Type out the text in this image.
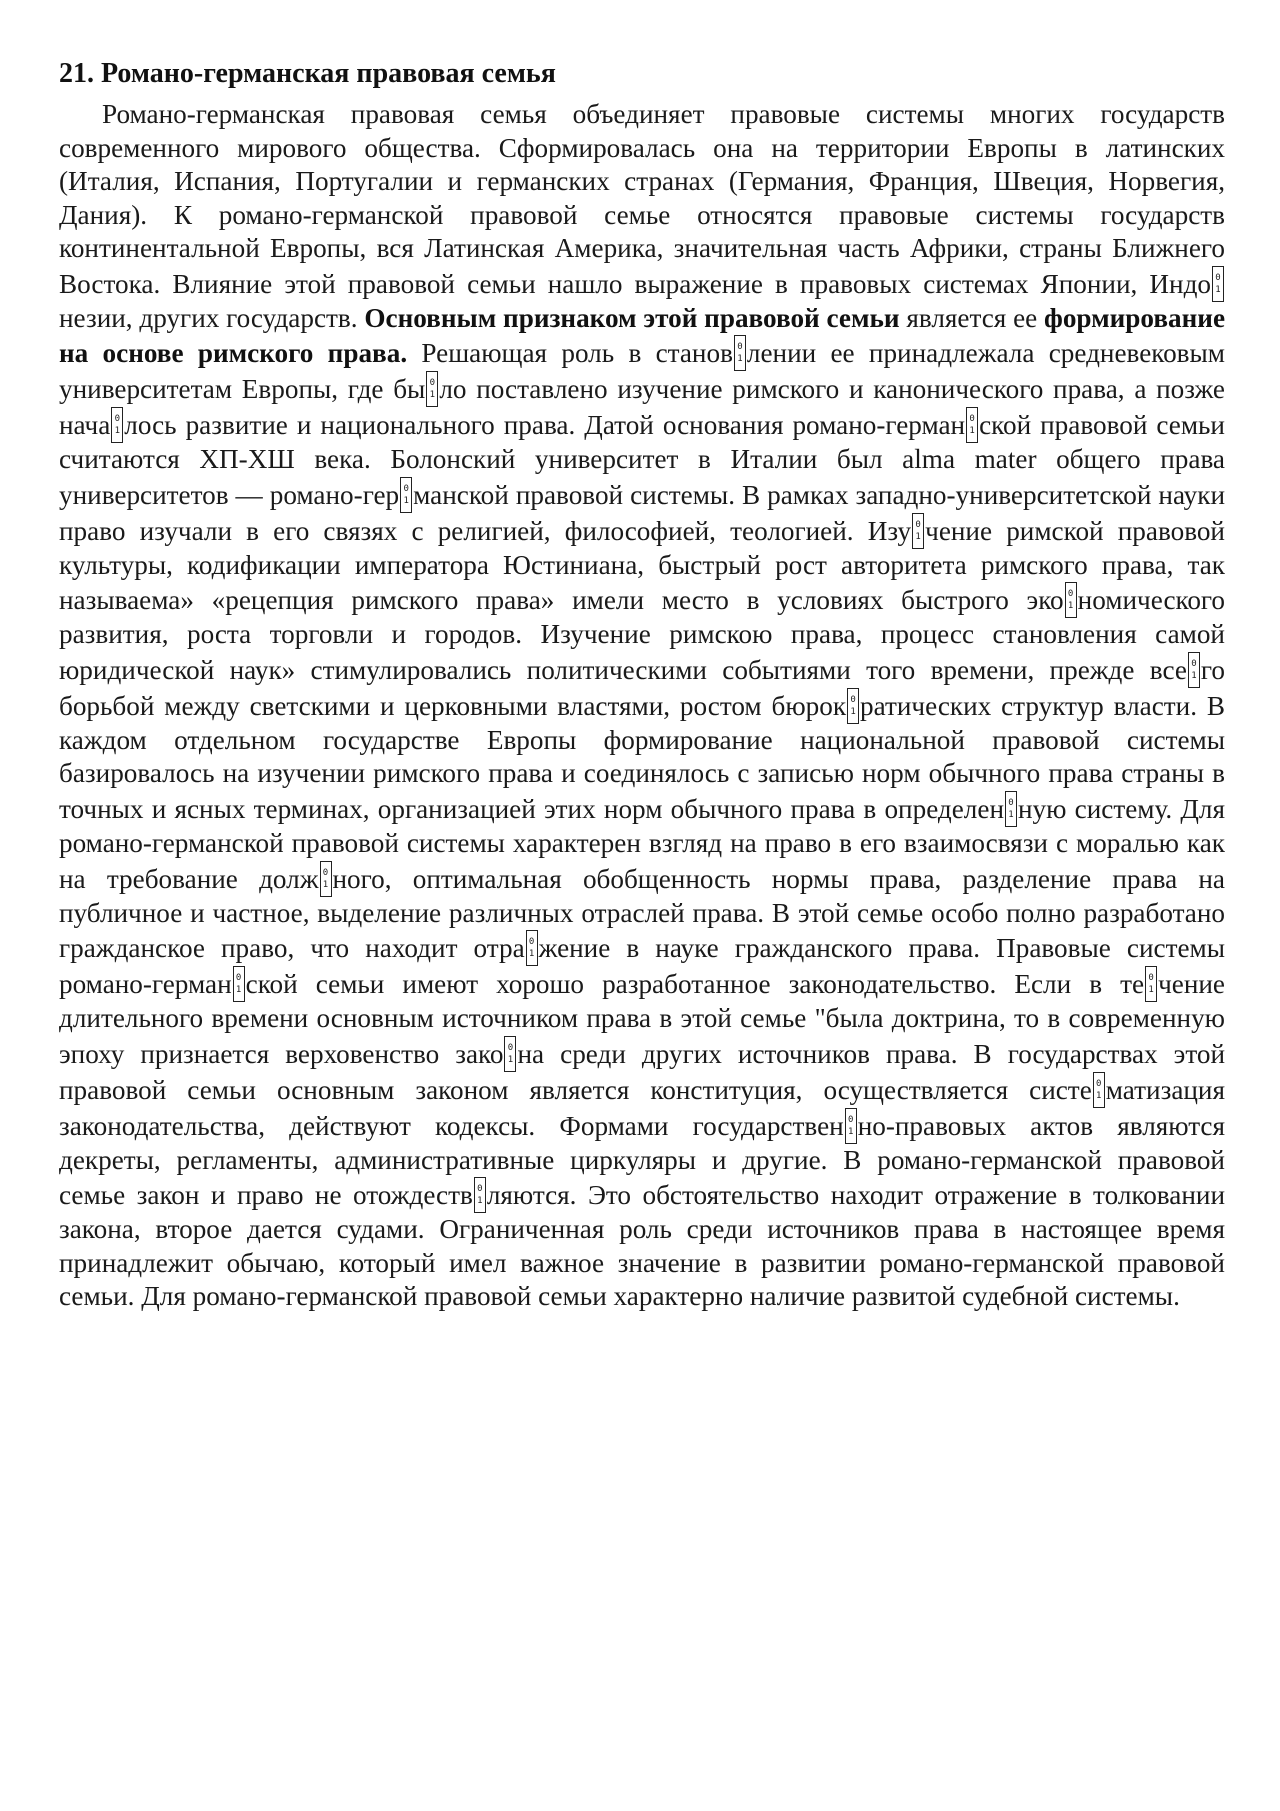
21. Романо-германская правовая семья

Романо-германская правовая семья объединяет правовые системы многих государств современного мирового общества. Сформировалась она на территории Европы в латинских (Италия, Испания, Португалии и германских странах (Германия, Франция, Швеция, Норвегия, Дания). К романо-германской правовой семье относятся правовые системы государств континентальной Европы, вся Латинская Америка, значительная часть Африки, страны Ближнего Востока. Влияние этой правовой семьи нашло выражение в правовых системах Японии, Индо0 1незии, других государств. Основным признаком этой правовой семьи является ее формирование на основе римского права. Решающая роль в станов 0 1 лении ее принадлежала средневековым университетам Европы, где бы 0 1 ло поставлено изучение римского и канонического права, а позже нача 0 1 лось развитие и национального права. Датой основания романо-герман 0 1 ской правовой семьи считаются ХП-ХШ века. Болонский университет в Италии был alma mater общего права университетов — романо-гер 0 1 манской правовой системы. В рамках западно-университетской науки право изучали в его связях с религией, философией, теологией. Изу 0 1 чение римской правовой культуры, кодификации императора Юстиниана, быстрый рост авторитета римского права, так называема» «рецепция римского права» имели место в условиях быстрого эко0 1 номического развития, роста торговли и городов. Изучение римскою права, процесс становления самой юридической наук» стимулировались политическими событиями того времени, прежде все0 1 го борьбой между светскими и церковными властями, ростом бюрок 0 1 ратических структур власти. В каждом отдельном государстве Европы формирование национальной правовой системы базировалось на изучении римского права и соединялось с записью норм обычного права страны в точных и ясных терминах, организацией этих норм обычного права в определен 0 1 ную систему. Для романо-германской правовой системы характерен взгляд на право в его взаимосвязи с моралью как на требование долж 0 1 ного, оптимальная обобщенность нормы права, разделение права на публичное и частное, выделение различных отраслей права. В этой семье особо полно разработано гражданское право, что находит отра 0 1 жение в науке гражданского права. Правовые системы романо-герман 0 1 ской семьи имеют хорошо разработанное законодательство. Если в те 0 1 чение длительного времени основным источником права в этой семье "была доктрина, то в современную эпоху признается верховенство зако 0 1 на среди других источников права. В государствах этой правовой семьи основным законом является конституция, осуществляется систе 0 1 матизация законодательства, действуют кодексы. Формами государствен 0 1 но-правовых актов являются декреты, регламенты, административные циркуляры и другие. В романо-германской правовой семье закон и право не отождеств 0 1 ляются. Это обстоятельство находит отражение в толковании закона, второе дается судами. Ограниченная роль среди источников права в настоящее время принадлежит обычаю, который имел важное значение в развитии романо-германской правовой семьи. Для романо-германской правовой семьи характерно наличие развитой судебной системы.
